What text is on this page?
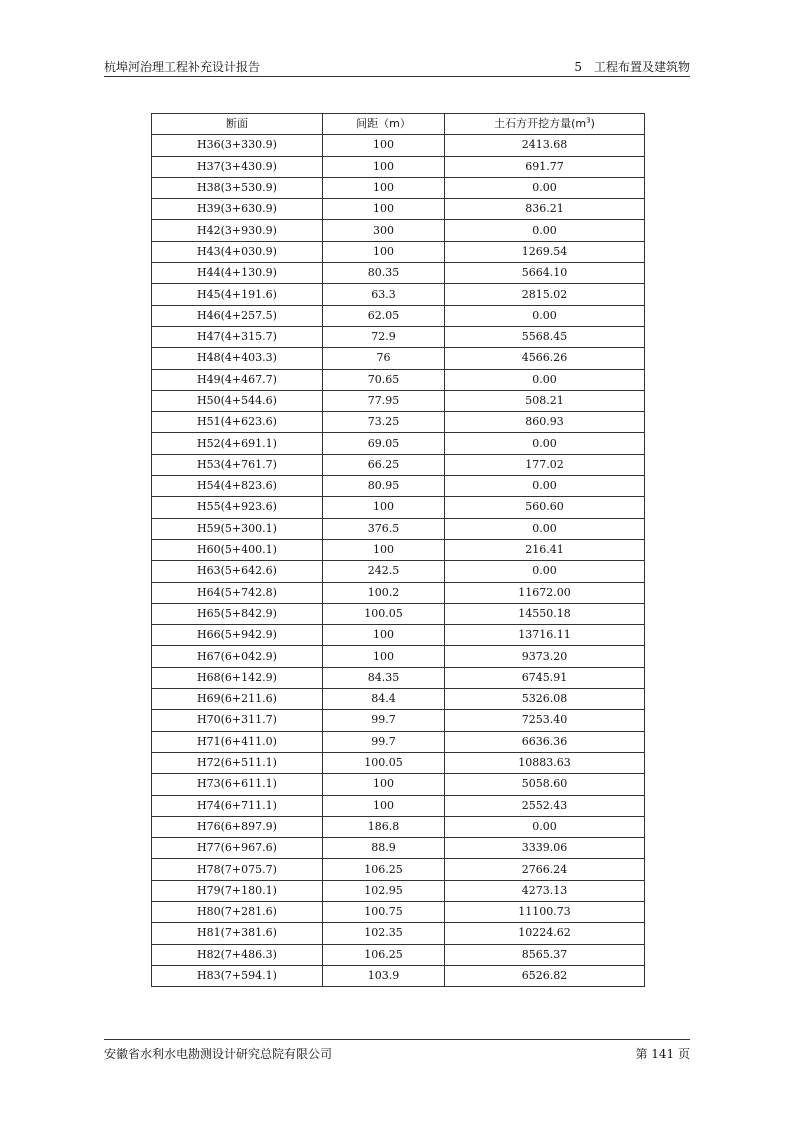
杭埠河治理工程补充设计报告	5　工程布置及建筑物
断面	间距（m）	土石方开挖方量$(m^3)$
H36(3+330.9)	100	2413.68
H37(3+430.9)	100	691.77
H38(3+530.9)	100	0.00
H39(3+630.9)	100	836.21
H42(3+930.9)	300	0.00
H43(4+030.9)	100	1269.54
H44(4+130.9)	80.35	5664.10
H45(4+191.6)	63.3	2815.02
H46(4+257.5)	62.05	0.00
H47(4+315.7)	72.9	5568.45
H48(4+403.3)	76	4566.26
H49(4+467.7)	70.65	0.00
H50(4+544.6)	77.95	508.21
H51(4+623.6)	73.25	860.93
H52(4+691.1)	69.05	0.00
H53(4+761.7)	66.25	177.02
H54(4+823.6)	80.95	0.00
H55(4+923.6)	100	560.60
H59(5+300.1)	376.5	0.00
H60(5+400.1)	100	216.41
H63(5+642.6)	242.5	0.00
H64(5+742.8)	100.2	11672.00
H65(5+842.9)	100.05	14550.18
H66(5+942.9)	100	13716.11
H67(6+042.9)	100	9373.20
H68(6+142.9)	84.35	6745.91
H69(6+211.6)	84.4	5326.08
H70(6+311.7)	99.7	7253.40
H71(6+411.0)	99.7	6636.36
H72(6+511.1)	100.05	10883.63
H73(6+611.1)	100	5058.60
H74(6+711.1)	100	2552.43
H76(6+897.9)	186.8	0.00
H77(6+967.6)	88.9	3339.06
H78(7+075.7)	106.25	2766.24
H79(7+180.1)	102.95	4273.13
H80(7+281.6)	100.75	11100.73
H81(7+381.6)	102.35	10224.62
H82(7+486.3)	106.25	8565.37
H83(7+594.1)	103.9	6526.82
安徽省水利水电勘测设计研究总院有限公司	第 141 页
